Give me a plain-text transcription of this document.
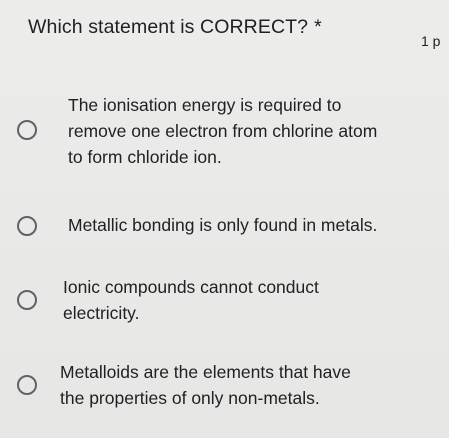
Which statement is CORRECT? *
1 p
The ionisation energy is required to
remove one electron from chlorine atom
to form chloride ion.
Metallic bonding is only found in metals.
Ionic compounds cannot conduct
electricity.
Metalloids are the elements that have
the properties of only non-metals.
